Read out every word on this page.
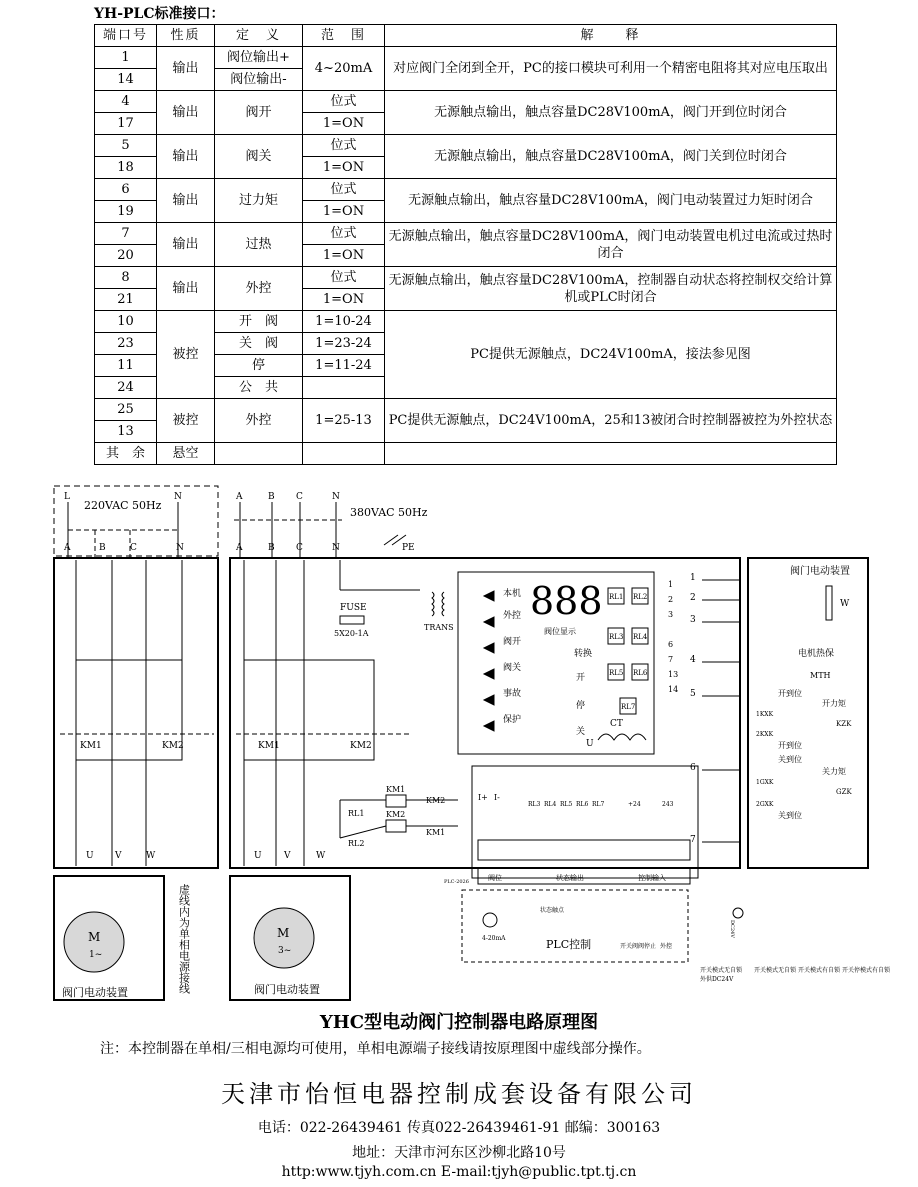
YH-PLC标准接口：
端口号	性质	定　义	范　围	解　　释
1	输出	阀位输出+	4~20mA	对应阀门全闭到全开，PC的接口模块可利用一个精密电阻将其对应电压取出
14		阀位输出-		
4	输出	阀开	位式	无源触点输出，触点容量DC28V100mA，阀门开到位时闭合
17			1=ON	
5	输出	阀关	位式	无源触点输出，触点容量DC28V100mA，阀门关到位时闭合
18			1=ON	
6	输出	过力矩	位式	无源触点输出，触点容量DC28V100mA，阀门电动装置过力矩时闭合
19			1=ON	
7	输出	过热	位式	无源触点输出，触点容量DC28V100mA，阀门电动装置电机过电流或过热时闭合
20			1=ON	
8	输出	外控	位式	无源触点输出，触点容量DC28V100mA，控制器自动状态将控制权交给计算机或PLC时闭合
21			1=ON	
10	被控	开　阀	1=10-24	PC提供无源触点，DC24V100mA，接法参见图
23		关　阀	1=23-24	
11		停	1=11-24	
24		公　共		
25	被控	外控	1=25-13	PC提供无源触点，DC24V100mA，25和13被闭合时控制器被控为外控状态
13				
其　余	悬空			
L	N
220VAC 50Hz
A	B	C	N
KM1	KM2
U V	W
M
1~
阀门电动装置	虚线内为单相电源接线
A	B C	N
380VAC 50Hz
A	B C	N	PE
KM1	KM2
FUSE
5X20-1A
TRANS
KM1
KM2
RL1
RL2
KM2
KM1
U V	W
M
3~
阀门电动装置
本机
外控
阀开
阀关
事故
保护
888
阀位显示
转换
开
停
关
RL1 RL2
RL3 RL4
RL5 RL6
RL7
CT
U
1
2
3
6
7
13
14
I+ I-
RL3 RL4 RL5 RL6 RL7	+24	243
阀位	状态输出	控制输入
PLC-2026
4-20mA
状态触点
PLC控制	开关阀阀 停止 外控
1
2
3
4
5
6
7
阀门电动装置
W
电机热保
MTH
开到位
开力矩
KZK
1KXK
2KXK
开到位
关到位
关力矩
1GXK
GZK
2GXK
关到位
DC24V
开关模式无自锁
外供DC24V
开关模式无自锁 开关模式有自锁 开关停模式有自锁
YHC型电动阀门控制器电路原理图
注：本控制器在单相/三相电源均可使用，单相电源端子接线请按原理图中虚线部分操作。
天津市怡恒电器控制成套设备有限公司
电话：022-26439461 传真022-26439461-91 邮编：300163
地址：天津市河东区沙柳北路10号
http:www.tjyh.com.cn E-mail:tjyh@public.tpt.tj.cn
